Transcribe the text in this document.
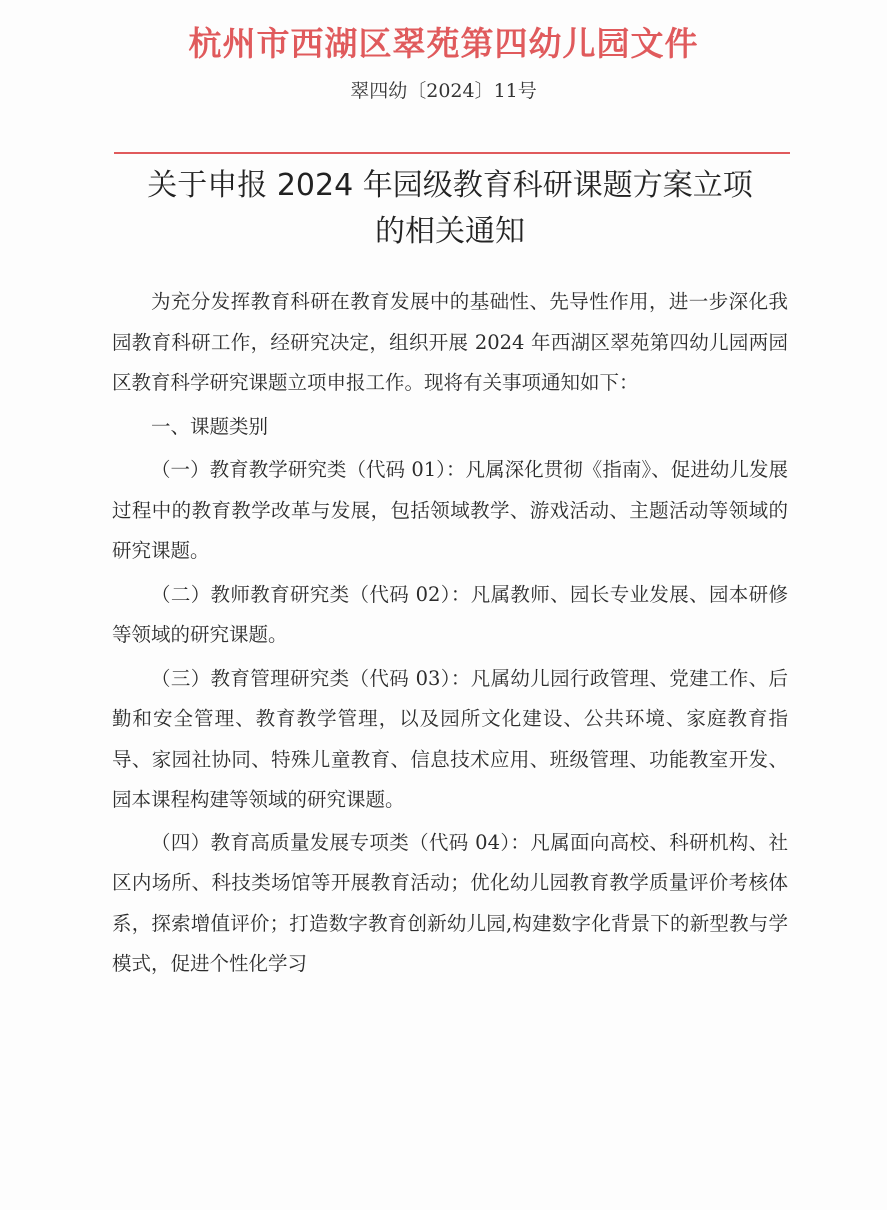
杭州市西湖区翠苑第四幼儿园文件
翠四幼〔2024〕11号
关于申报 2024 年园级教育科研课题方案立项
的相关通知

为充分发挥教育科研在教育发展中的基础性、先导性作用，进一步深化我园教育科研工作，经研究决定，组织开展 2024 年西湖区翠苑第四幼儿园两园区教育科学研究课题立项申报工作。现将有关事项通知如下：

一、课题类别

（一）教育教学研究类（代码 01）：凡属深化贯彻《指南》、促进幼儿发展过程中的教育教学改革与发展，包括领域教学、游戏活动、主题活动等领域的研究课题。

（二）教师教育研究类（代码 02）：凡属教师、园长专业发展、园本研修等领域的研究课题。

（三）教育管理研究类（代码 03）：凡属幼儿园行政管理、党建工作、后勤和安全管理、教育教学管理，以及园所文化建设、公共环境、家庭教育指导、家园社协同、特殊儿童教育、信息技术应用、班级管理、功能教室开发、园本课程构建等领域的研究课题。

（四）教育高质量发展专项类（代码 04）：凡属面向高校、科研机构、社区内场所、科技类场馆等开展教育活动；优化幼儿园教育教学质量评价考核体系，探索增值评价；打造数字教育创新幼儿园,构建数字化背景下的新型教与学模式，促进个性化学习
